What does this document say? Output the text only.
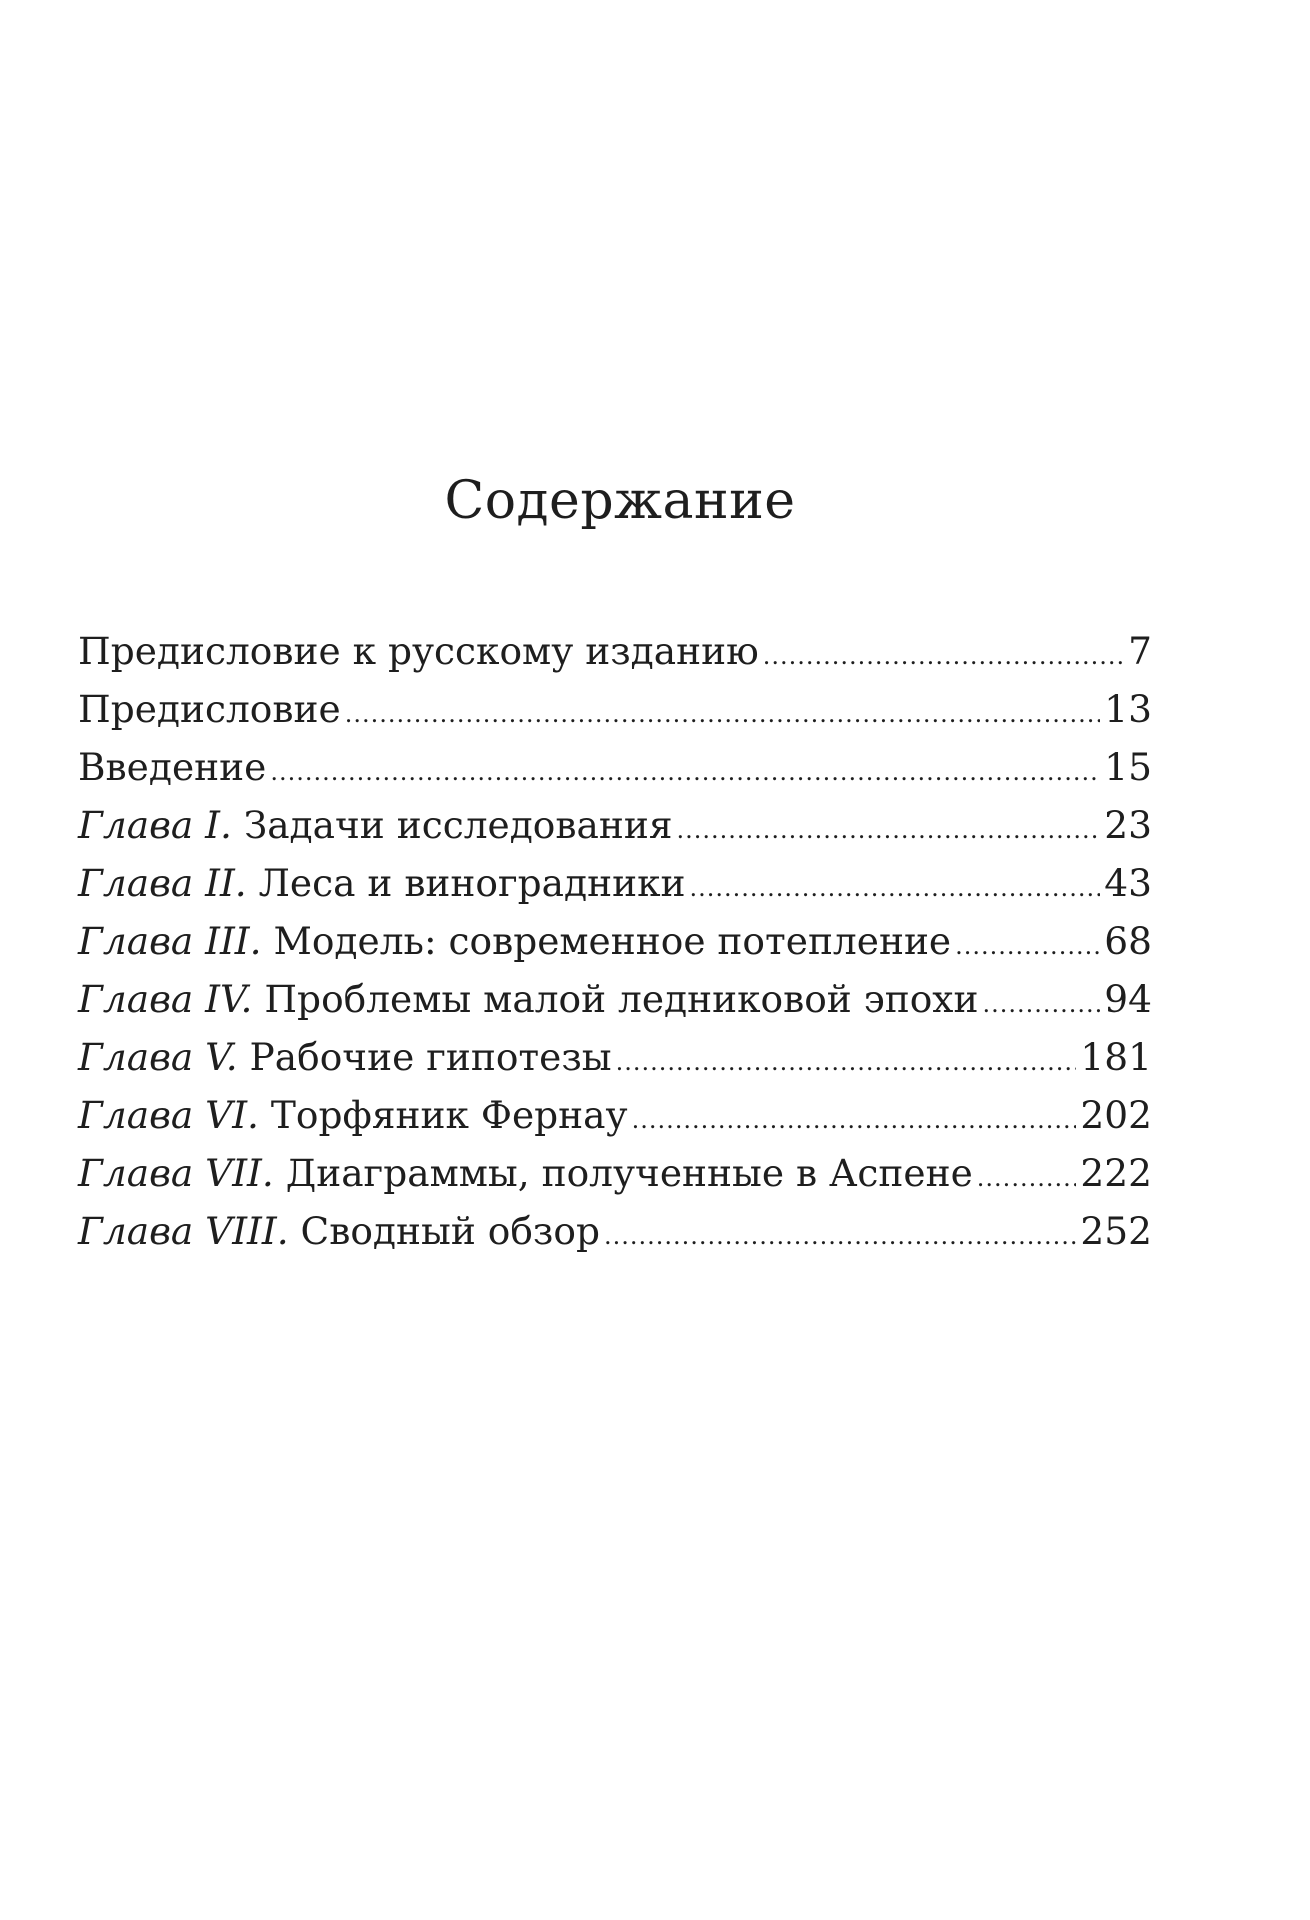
Содержание
Предисловие к русскому изданию .....	7
Предисловие .....	13
Введение .....	15
Глава I. Задачи исследования .....	23
Глава II. Леса и виноградники .....	43
Глава III. Модель: современное потепление .....	68
Глава IV. Проблемы малой ледниковой эпохи .....	94
Глава V. Рабочие гипотезы .....	181
Глава VI. Торфяник Фернау .....	202
Глава VII. Диаграммы, полученные в Аспене .....	222
Глава VIII. Сводный обзор .....	252
